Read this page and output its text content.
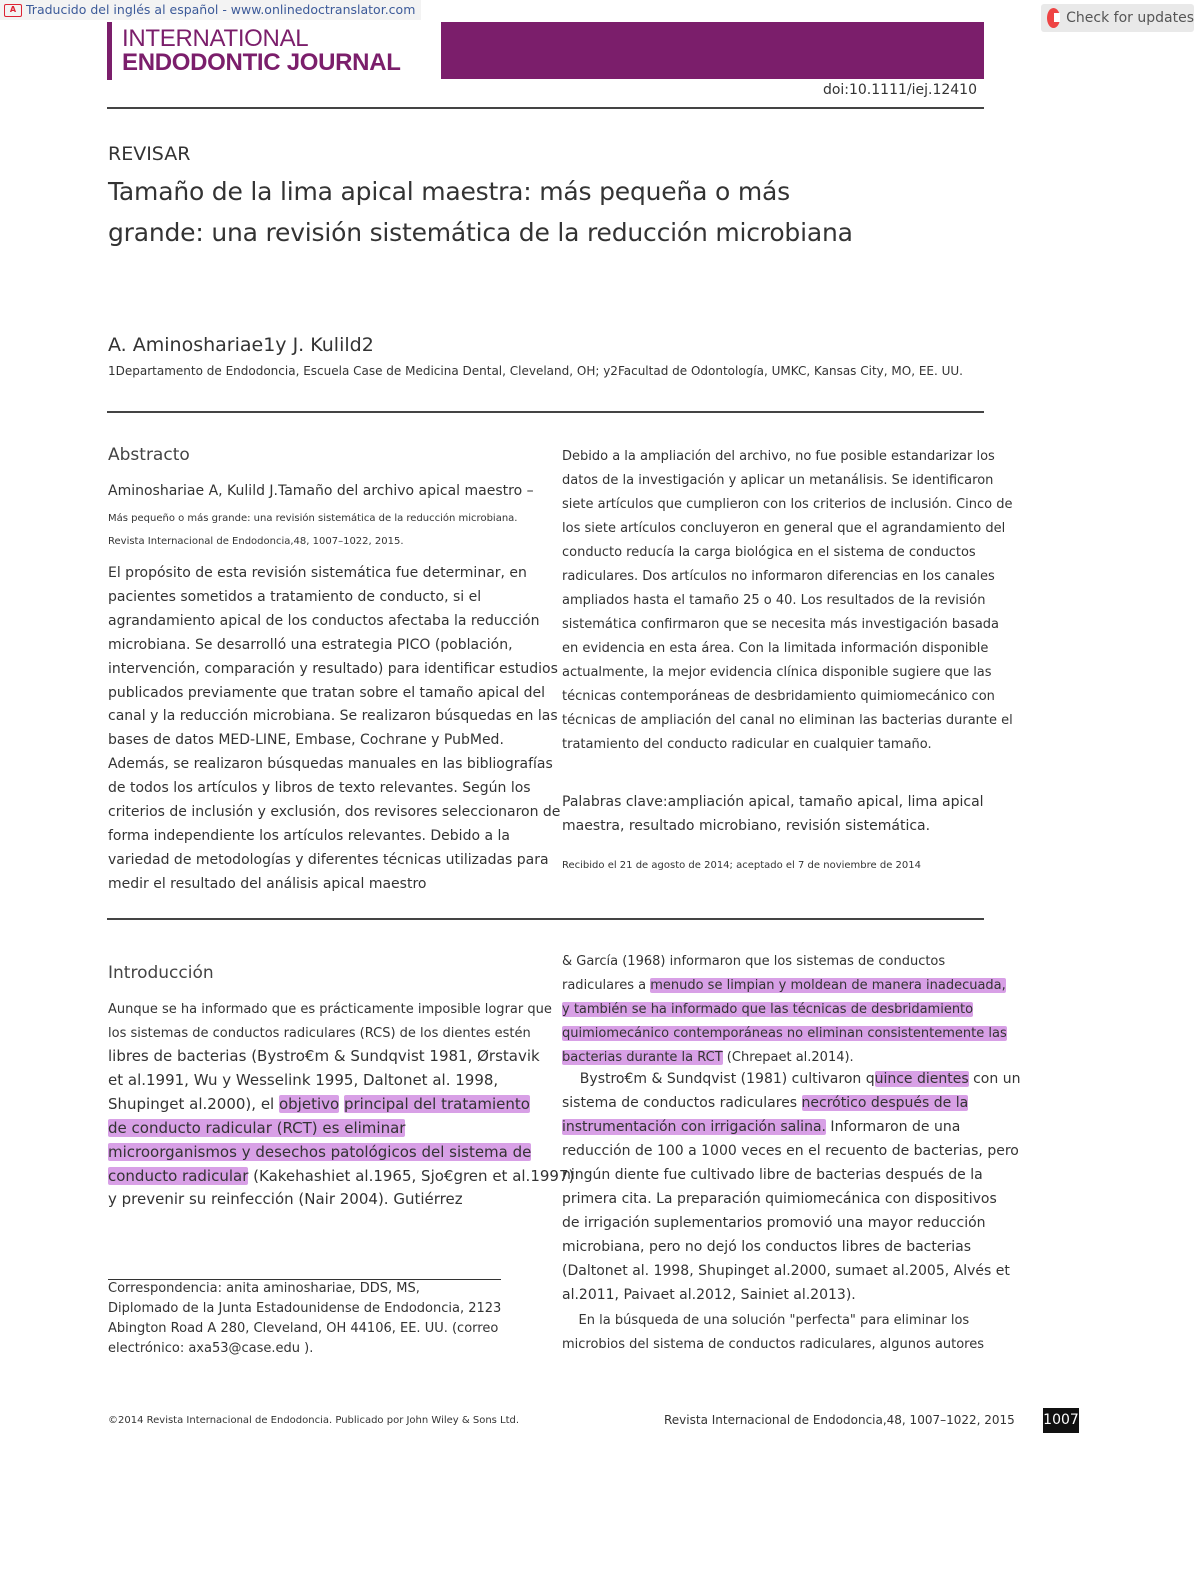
A Traducido del inglés al español - www.onlinedoctranslator.com
Check for updates
INTERNATIONAL
ENDODONTIC JOURNAL
doi:10.1111/iej.12410
REVISAR
Tamaño de la lima apical maestra: más pequeña o más
grande: una revisión sistemática de la reducción microbiana
A. Aminoshariae1y J. Kulild2
1Departamento de Endodoncia, Escuela Case de Medicina Dental, Cleveland, OH; y2Facultad de Odontología, UMKC, Kansas City, MO, EE. UU.
Abstracto
Aminoshariae A, Kulild J.Tamaño del archivo apical maestro –
Más pequeño o más grande: una revisión sistemática de la reducción microbiana.
Revista Internacional de Endodoncia,48, 1007–1022, 2015.
El propósito de esta revisión sistemática fue determinar, en
pacientes sometidos a tratamiento de conducto, si el
agrandamiento apical de los conductos afectaba la reducción
microbiana. Se desarrolló una estrategia PICO (población,
intervención, comparación y resultado) para identificar estudios
publicados previamente que tratan sobre el tamaño apical del
canal y la reducción microbiana. Se realizaron búsquedas en las
bases de datos MED-LINE, Embase, Cochrane y PubMed.
Además, se realizaron búsquedas manuales en las bibliografías
de todos los artículos y libros de texto relevantes. Según los
criterios de inclusión y exclusión, dos revisores seleccionaron de
forma independiente los artículos relevantes. Debido a la
variedad de metodologías y diferentes técnicas utilizadas para
medir el resultado del análisis apical maestro
Debido a la ampliación del archivo, no fue posible estandarizar los
datos de la investigación y aplicar un metanálisis. Se identificaron
siete artículos que cumplieron con los criterios de inclusión. Cinco de
los siete artículos concluyeron en general que el agrandamiento del
conducto reducía la carga biológica en el sistema de conductos
radiculares. Dos artículos no informaron diferencias en los canales
ampliados hasta el tamaño 25 o 40. Los resultados de la revisión
sistemática confirmaron que se necesita más investigación basada
en evidencia en esta área. Con la limitada información disponible
actualmente, la mejor evidencia clínica disponible sugiere que las
técnicas contemporáneas de desbridamiento quimiomecánico con
técnicas de ampliación del canal no eliminan las bacterias durante el
tratamiento del conducto radicular en cualquier tamaño.
Palabras clave:ampliación apical, tamaño apical, lima apical
maestra, resultado microbiano, revisión sistemática.
Recibido el 21 de agosto de 2014; aceptado el 7 de noviembre de 2014
Introducción
Aunque se ha informado que es prácticamente imposible lograr que
los sistemas de conductos radiculares (RCS) de los dientes estén
libres de bacterias (Bystro€m & Sundqvist 1981, Ørstavik
et al.1991, Wu y Wesselink 1995, Daltonet al. 1998,
Shupinget al.2000), el objetivo principal del tratamiento
de conducto radicular (RCT) es eliminar
microorganismos y desechos patológicos del sistema de
conducto radicular (Kakehashiet al.1965, Sjo€gren et al.1997)
y prevenir su reinfección (Nair 2004). Gutiérrez
& García (1968) informaron que los sistemas de conductos
radiculares a menudo se limpian y moldean de manera inadecuada,
y también se ha informado que las técnicas de desbridamiento
quimiomecánico contemporáneas no eliminan consistentemente las
bacterias durante la RCT (Chrepaet al.2014).
Bystro€m & Sundqvist (1981) cultivaron quince dientes con un
sistema de conductos radiculares necrótico después de la
instrumentación con irrigación salina. Informaron de una
reducción de 100 a 1000 veces en el recuento de bacterias, pero
ningún diente fue cultivado libre de bacterias después de la
primera cita. La preparación quimiomecánica con dispositivos
de irrigación suplementarios promovió una mayor reducción
microbiana, pero no dejó los conductos libres de bacterias
(Daltonet al. 1998, Shupinget al.2000, sumaet al.2005, Alvés et
al.2011, Paivaet al.2012, Sainiet al.2013).
En la búsqueda de una solución "perfecta" para eliminar los
microbios del sistema de conductos radiculares, algunos autores
Correspondencia: anita aminoshariae, DDS, MS,
Diplomado de la Junta Estadounidense de Endodoncia, 2123
Abington Road A 280, Cleveland, OH 44106, EE. UU. (correo
electrónico: axa53@case.edu ).
©2014 Revista Internacional de Endodoncia. Publicado por John Wiley & Sons Ltd.	Revista Internacional de Endodoncia,48, 1007–1022, 2015 1007
